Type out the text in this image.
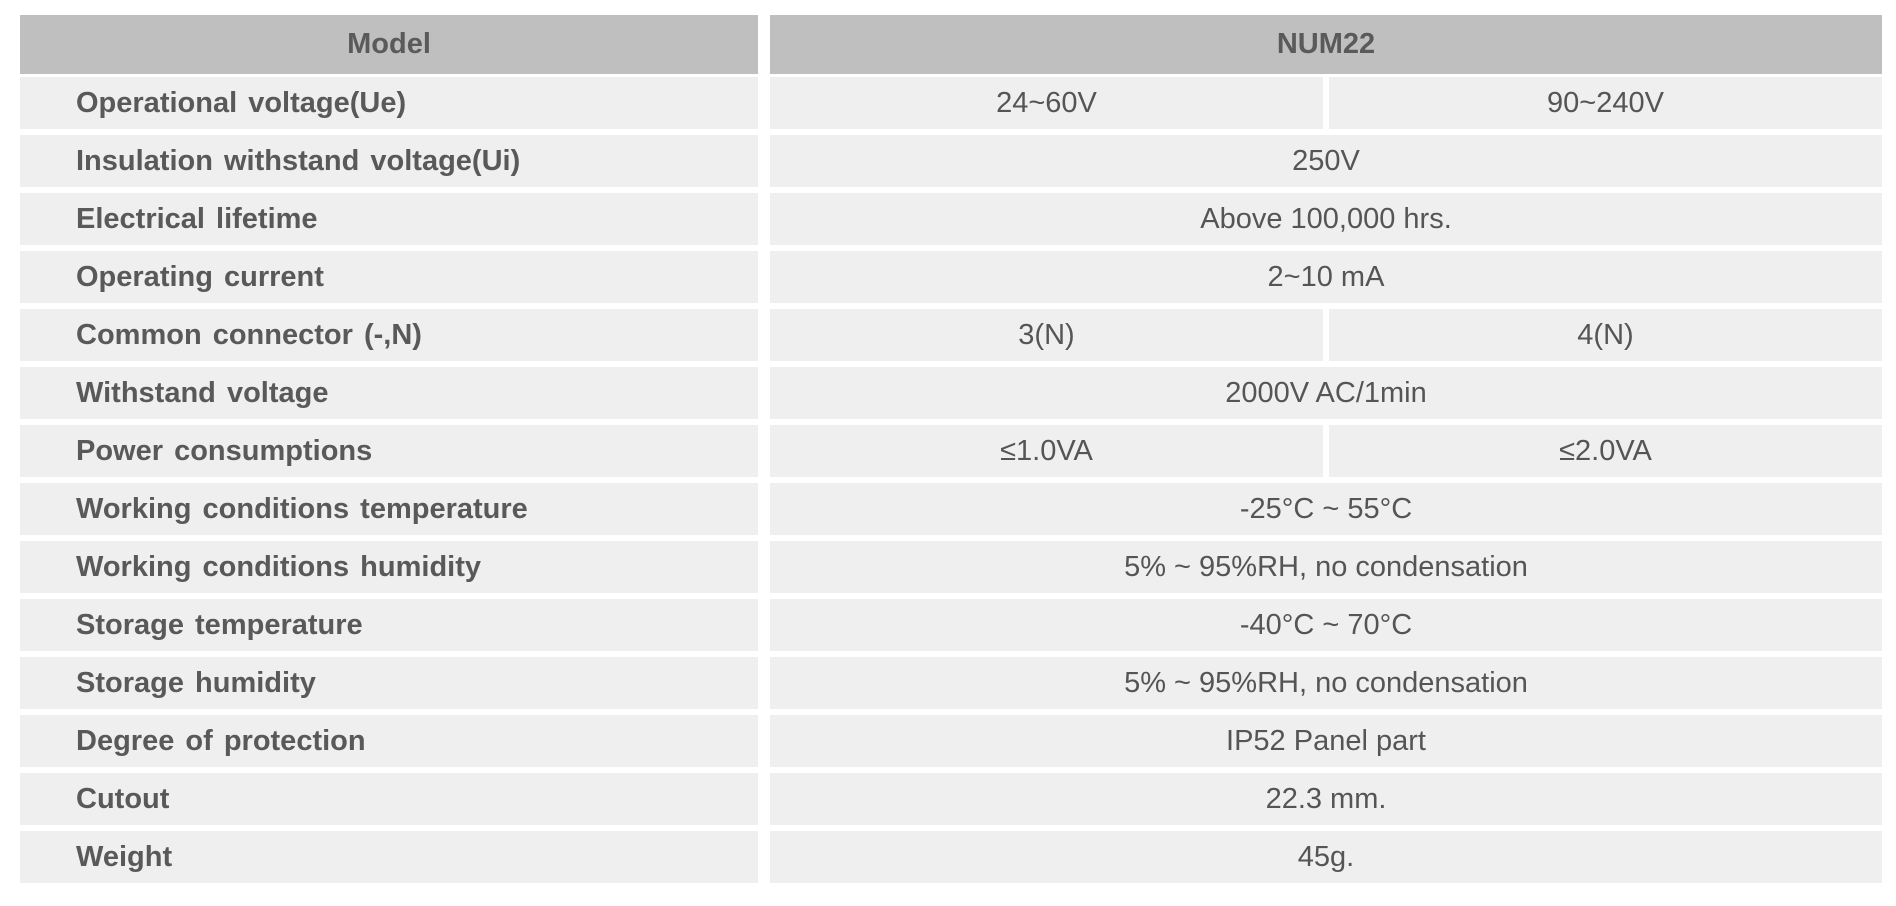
Model	NUM22
Operational voltage(Ue)	24~60V	90~240V
Insulation withstand voltage(Ui)	250V
Electrical lifetime	Above 100,000 hrs.
Operating current	2~10 mA
Common connector (-,N)	3(N)	4(N)
Withstand voltage	2000V AC/1min
Power consumptions	≤1.0VA	≤2.0VA
Working conditions temperature	-25°C ~ 55°C
Working conditions humidity	5% ~ 95%RH, no condensation
Storage temperature	-40°C ~ 70°C
Storage humidity	5% ~ 95%RH, no condensation
Degree of protection	IP52 Panel part
Cutout	22.3 mm.
Weight	45g.
